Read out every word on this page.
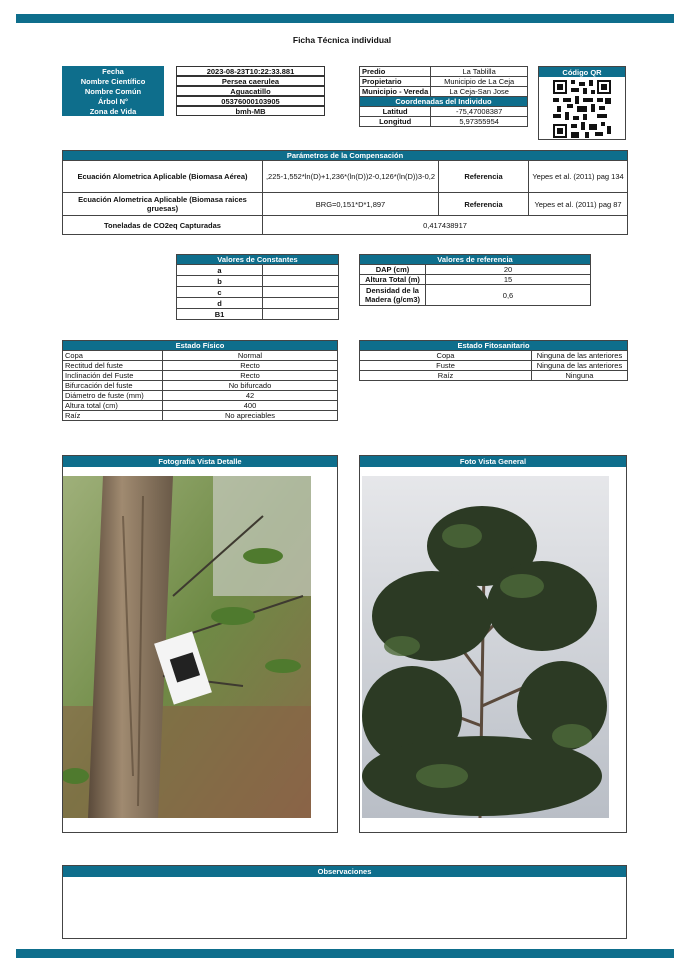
Ficha Técnica individual
Fecha	2023-08-23T10:22:33.881
Nombre Científico	Persea caerulea
Nombre Común	Aguacatillo
Árbol N°	05376000103905
Zona de Vida	bmh-MB
Predio	La Tablilla
Propietario	Municipio de La Ceja
Municipio - Vereda	La Ceja-San Jose
Coordenadas del Individuo	
Latitud	-75,47008387
Longitud	5,97355954
Código QR
Parámetros de la Compensación			
Ecuación Alometrica Aplicable (Biomasa Aérea)	,225-1,552*ln(D)+1,236*(ln(D))2-0,126*(ln(D))3-0,2	Referencia	Yepes et al. (2011) pag 134
Ecuación Alometrica Aplicable (Biomasa raices gruesas)	BRG=0,151*D*1,897	Referencia	Yepes et al. (2011) pag 87
Toneladas de CO2eq Capturadas	0,417438917		
Valores de Constantes	
a	
b	
c	
d	
B1	
Valores de referencia	
DAP (cm)	20
Altura Total (m)	15
Densidad de la Madera (g/cm3)	0,6
Estado Físico	
Copa	Normal
Rectitud del fuste	Recto
Inclinación del Fuste	Recto
Bifurcación del fuste	No bifurcado
Diámetro de fuste (mm)	42
Altura total (cm)	400
Raíz	No apreciables
Estado Fitosanitario	
Copa	Ninguna de las anteriores
Fuste	Ninguna de las anteriores
Raíz	Ninguna
Fotografía Vista Detalle	Foto Vista General
Observaciones
